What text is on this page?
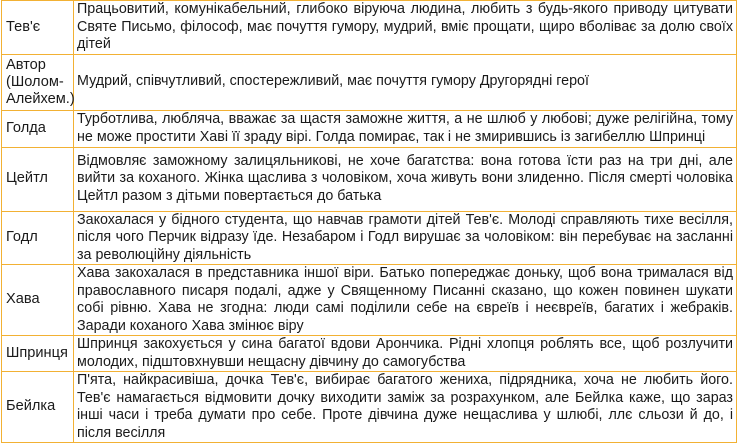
Тев'є	Працьовитий, комунікабельний, глибоко віруюча людина, любить з будь-якого приводу цитувати Святе Письмо, філософ, має почуття гумору, мудрий, вміє прощати, щиро вболіває за долю своїх дітей
Автор (Шолом-Алейхем.)	Мудрий, співчутливий, спостережливий, має почуття гумору Другорядні герої
Голда	Турботлива, любляча, вважає за щастя заможне життя, а не шлюб у любові; дуже релігійна, тому не може простити Хаві її зраду вірі. Голда помирає, так і не змирившись із загибеллю Шпринці
Цейтл	Відмовляє заможному залицяльникові, не хоче багатства: вона готова їсти раз на три дні, але вийти за коханого. Жінка щаслива з чоловіком, хоча живуть вони злиденно. Після смерті чоловіка Цейтл разом з дітьми повертається до батька
Годл	Закохалася у бідного студента, що навчав грамоти дітей Тев'є. Молоді справляють тихе весілля, після чого Перчик відразу їде. Незабаром і Годл вирушає за чоловіком: він перебуває на засланні за революційну діяльність
Хава	Хава закохалася в представника іншої віри. Батько попереджає доньку, щоб вона трималася від православного писаря подалі, адже у Священному Писанні сказано, що кожен повинен шукати собі рівню. Хава не згодна: люди самі поділили себе на євреїв і неєвреїв, багатих і жебраків. Заради коханого Хава змінює віру
Шпринця	Шпринця закохується у сина багатої вдови Арончика. Рідні хлопця роблять все, щоб розлучити молодих, підштовхнувши нещасну дівчину до самогубства
Бейлка	П'ята, найкрасивіша, дочка Тев'є, вибирає багатого жениха, підрядника, хоча не любить його. Тев'є намагається відмовити дочку виходити заміж за розрахунком, але Бейлка каже, що зараз інші часи і треба думати про себе. Проте дівчина дуже нещаслива у шлюбі, ллє сльози й до, і після весілля
